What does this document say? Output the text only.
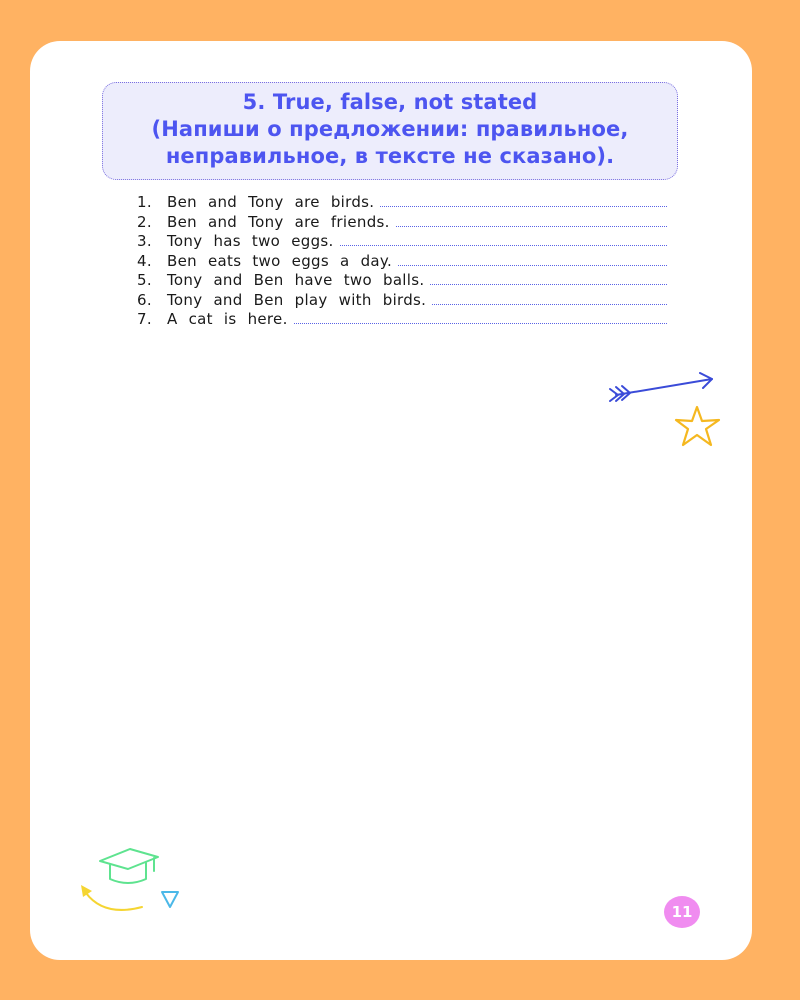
5. True, false, not stated
(Напиши о предложении: правильное,
неправильное, в тексте не сказано).
1.	Ben and Tony are birds.
2.	Ben and Tony are friends.
3.	Tony has two eggs.
4.	Ben eats two eggs a day.
5.	Tony and Ben have two balls.
6.	Tony and Ben play with birds.
7.	A cat is here.
11
